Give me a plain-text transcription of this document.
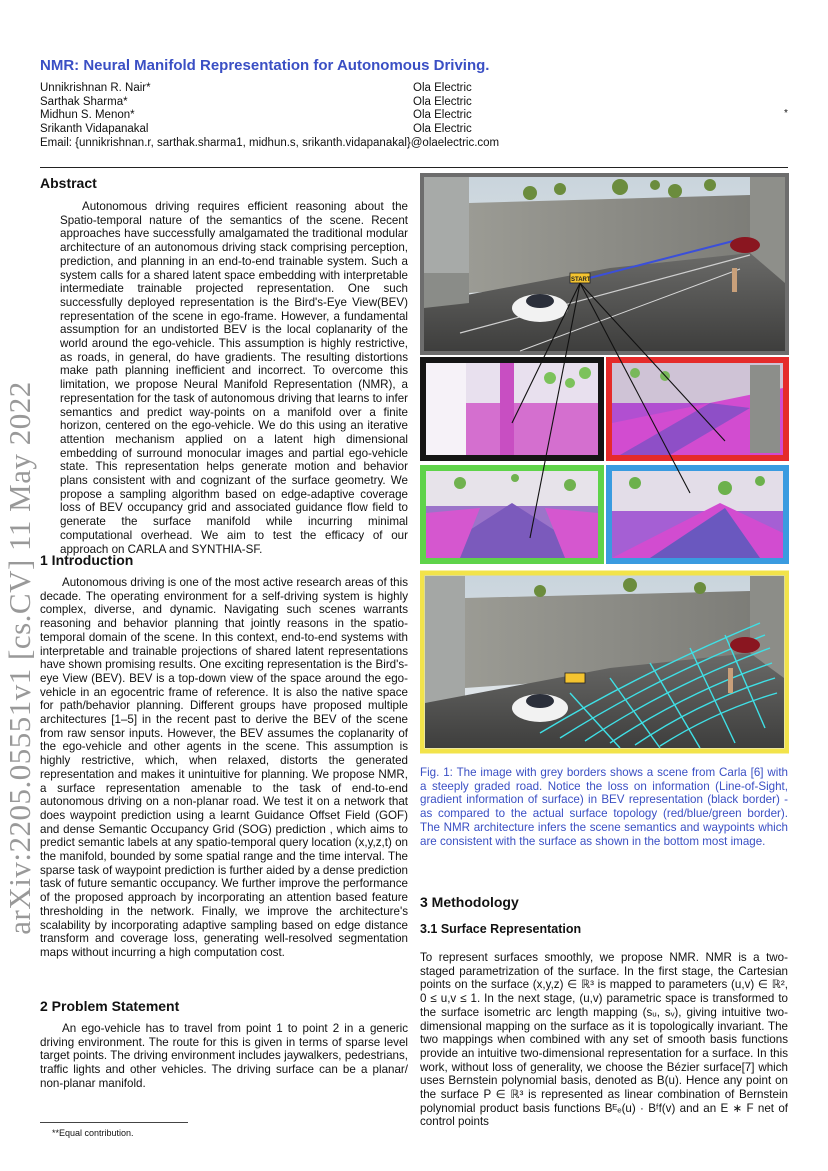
NMR: Neural Manifold Representation for Autonomous Driving.
Unnikrishnan R. Nair*
Sarthak Sharma*
Midhun S. Menon*
Srikanth Vidapanakal
Ola Electric
Ola Electric
Ola Electric
Ola Electric
Email: {unnikrishnan.r, sarthak.sharma1, midhun.s, srikanth.vidapanakal}@olaelectric.com
*
arXiv:2205.05551v1 [cs.CV] 11 May 2022
Abstract

Autonomous driving requires efficient reasoning about the Spatio-temporal nature of the semantics of the scene. Recent approaches have successfully amalgamated the traditional modular architecture of an autonomous driving stack comprising perception, prediction, and planning in an end-to-end trainable system. Such a system calls for a shared latent space embedding with interpretable intermediate trainable projected representation. One such successfully deployed representation is the Bird's-Eye View(BEV) representation of the scene in ego-frame. However, a fundamental assumption for an undistorted BEV is the local coplanarity of the world around the ego-vehicle. This assumption is highly restrictive, as roads, in general, do have gradients. The resulting distortions make path planning inefficient and incorrect. To overcome this limitation, we propose Neural Manifold Representation (NMR), a representation for the task of autonomous driving that learns to infer semantics and predict way-points on a manifold over a finite horizon, centered on the ego-vehicle. We do this using an iterative attention mechanism applied on a latent high dimensional embedding of surround monocular images and partial ego-vehicle state. This representation helps generate motion and behavior plans consistent with and cognizant of the surface geometry. We propose a sampling algorithm based on edge-adaptive coverage loss of BEV occupancy grid and associated guidance flow field to generate the surface manifold while incurring minimal computational overhead. We aim to test the efficacy of our approach on CARLA and SYNTHIA-SF.

1 Introduction

Autonomous driving is one of the most active research areas of this decade. The operating environment for a self-driving system is highly complex, diverse, and dynamic. Navigating such scenes warrants reasoning and behavior planning that jointly reasons in the spatio-temporal domain of the scene. In this context, end-to-end systems with interpretable and trainable projections of shared latent representations have shown promising results. One exciting representation is the Bird's-eye View (BEV). BEV is a top-down view of the space around the ego-vehicle in an egocentric frame of reference. It is also the native space for path/behavior planning. Different groups have proposed multiple architectures [1–5] in the recent past to derive the BEV of the scene from raw sensor inputs. However, the BEV assumes the coplanarity of the ego-vehicle and other agents in the scene. This assumption is highly restrictive, which, when relaxed, distorts the generated representation and makes it unintuitive for planning. We propose NMR, a surface representation amenable to the task of end-to-end autonomous driving on a non-planar road. We test it on a network that does waypoint prediction using a learnt Guidance Offset Field (GOF) and dense Semantic Occupancy Grid (SOG) prediction , which aims to predict semantic labels at any spatio-temporal query location (x,y,z,t) on the manifold, bounded by some spatial range and the time interval. The sparse task of waypoint prediction is further aided by a dense prediction task of future semantic occupancy. We further improve the performance of the proposed approach by incorporating an attention based feature thresholding in the network. Finally, we improve the architecture's scalability by incorporating adaptive sampling based on edge distance transform and coverage loss, generating well-resolved segmentation maps without incurring a high computation cost.

2 Problem Statement

An ego-vehicle has to travel from point 1 to point 2 in a generic driving environment. The route for this is given in terms of sparse level target points. The driving environment includes jaywalkers, pedestrians, traffic lights and other vehicles. The driving surface can be a planar/ non-planar manifold.

**Equal contribution.
START

Fig. 1: The image with grey borders shows a scene from Carla [6] with a steeply graded road. Notice the loss on information (Line-of-Sight, gradient information of surface) in BEV representation (black border) - as compared to the actual surface topology (red/blue/green border). The NMR architecture infers the scene semantics and waypoints which are consistent with the surface as shown in the bottom most image.

3 Methodology
3.1 Surface Representation

To represent surfaces smoothly, we propose NMR. NMR is a two-staged parametrization of the surface. In the first stage, the Cartesian points on the surface (x,y,z) ∈ ℝ³ is mapped to parameters (u,v) ∈ ℝ², 0 ≤ u,v ≤ 1. In the next stage, (u,v) parametric space is transformed to the surface isometric arc length mapping (sᵤ, sᵥ), giving intuitive two-dimensional mapping on the surface as it is topologically invariant. The two mappings when combined with any set of smooth basis functions provide an intuitive two-dimensional representation for a surface. In this work, without loss of generality, we choose the Bézier surface[7] which uses Bernstein polynomial basis, denoted as B(u). Hence any point on the surface P ∈ ℝ³ is represented as linear combination of Bernstein polynomial product basis functions Bᴱₑ(u) · Bᶠf(v) and an E ∗ F net of control points
